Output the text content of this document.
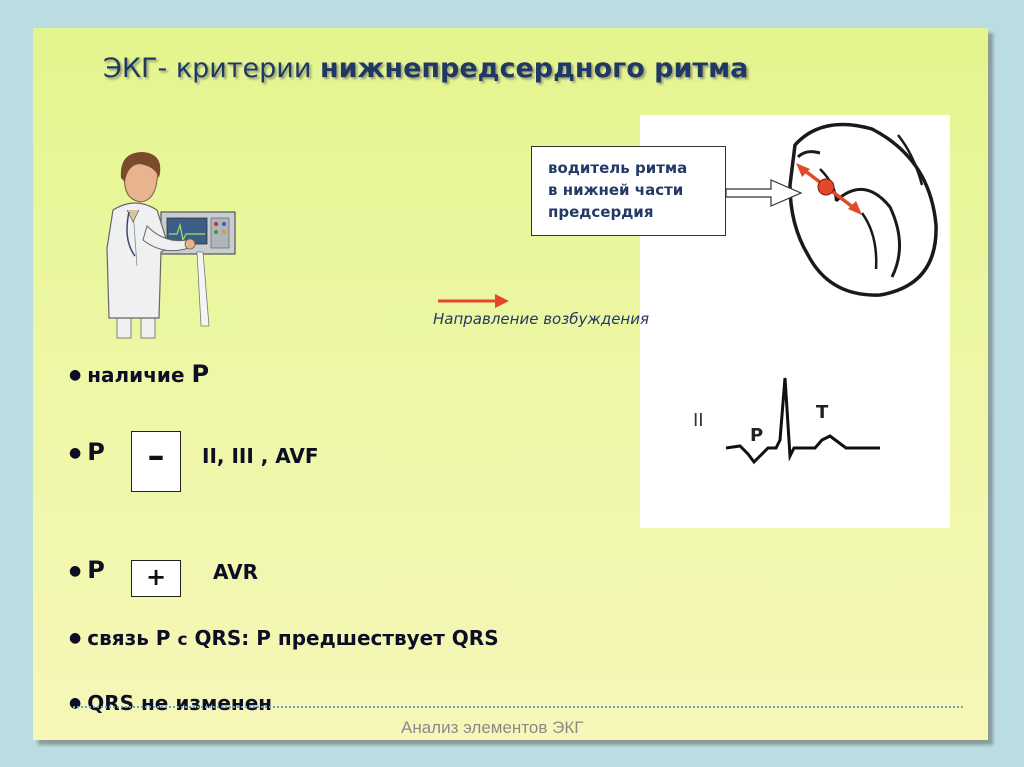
ЭКГ- критерии нижнепредсердного ритма
водитель ритма
в нижней части
предсердия
Направление возбуждения
II
P
T
● наличие P
● P	–	II, III , AVF
● P	+	AVR
● связь P с QRS: P предшествует QRS
● QRS не изменен
Анализ элементов ЭКГ
